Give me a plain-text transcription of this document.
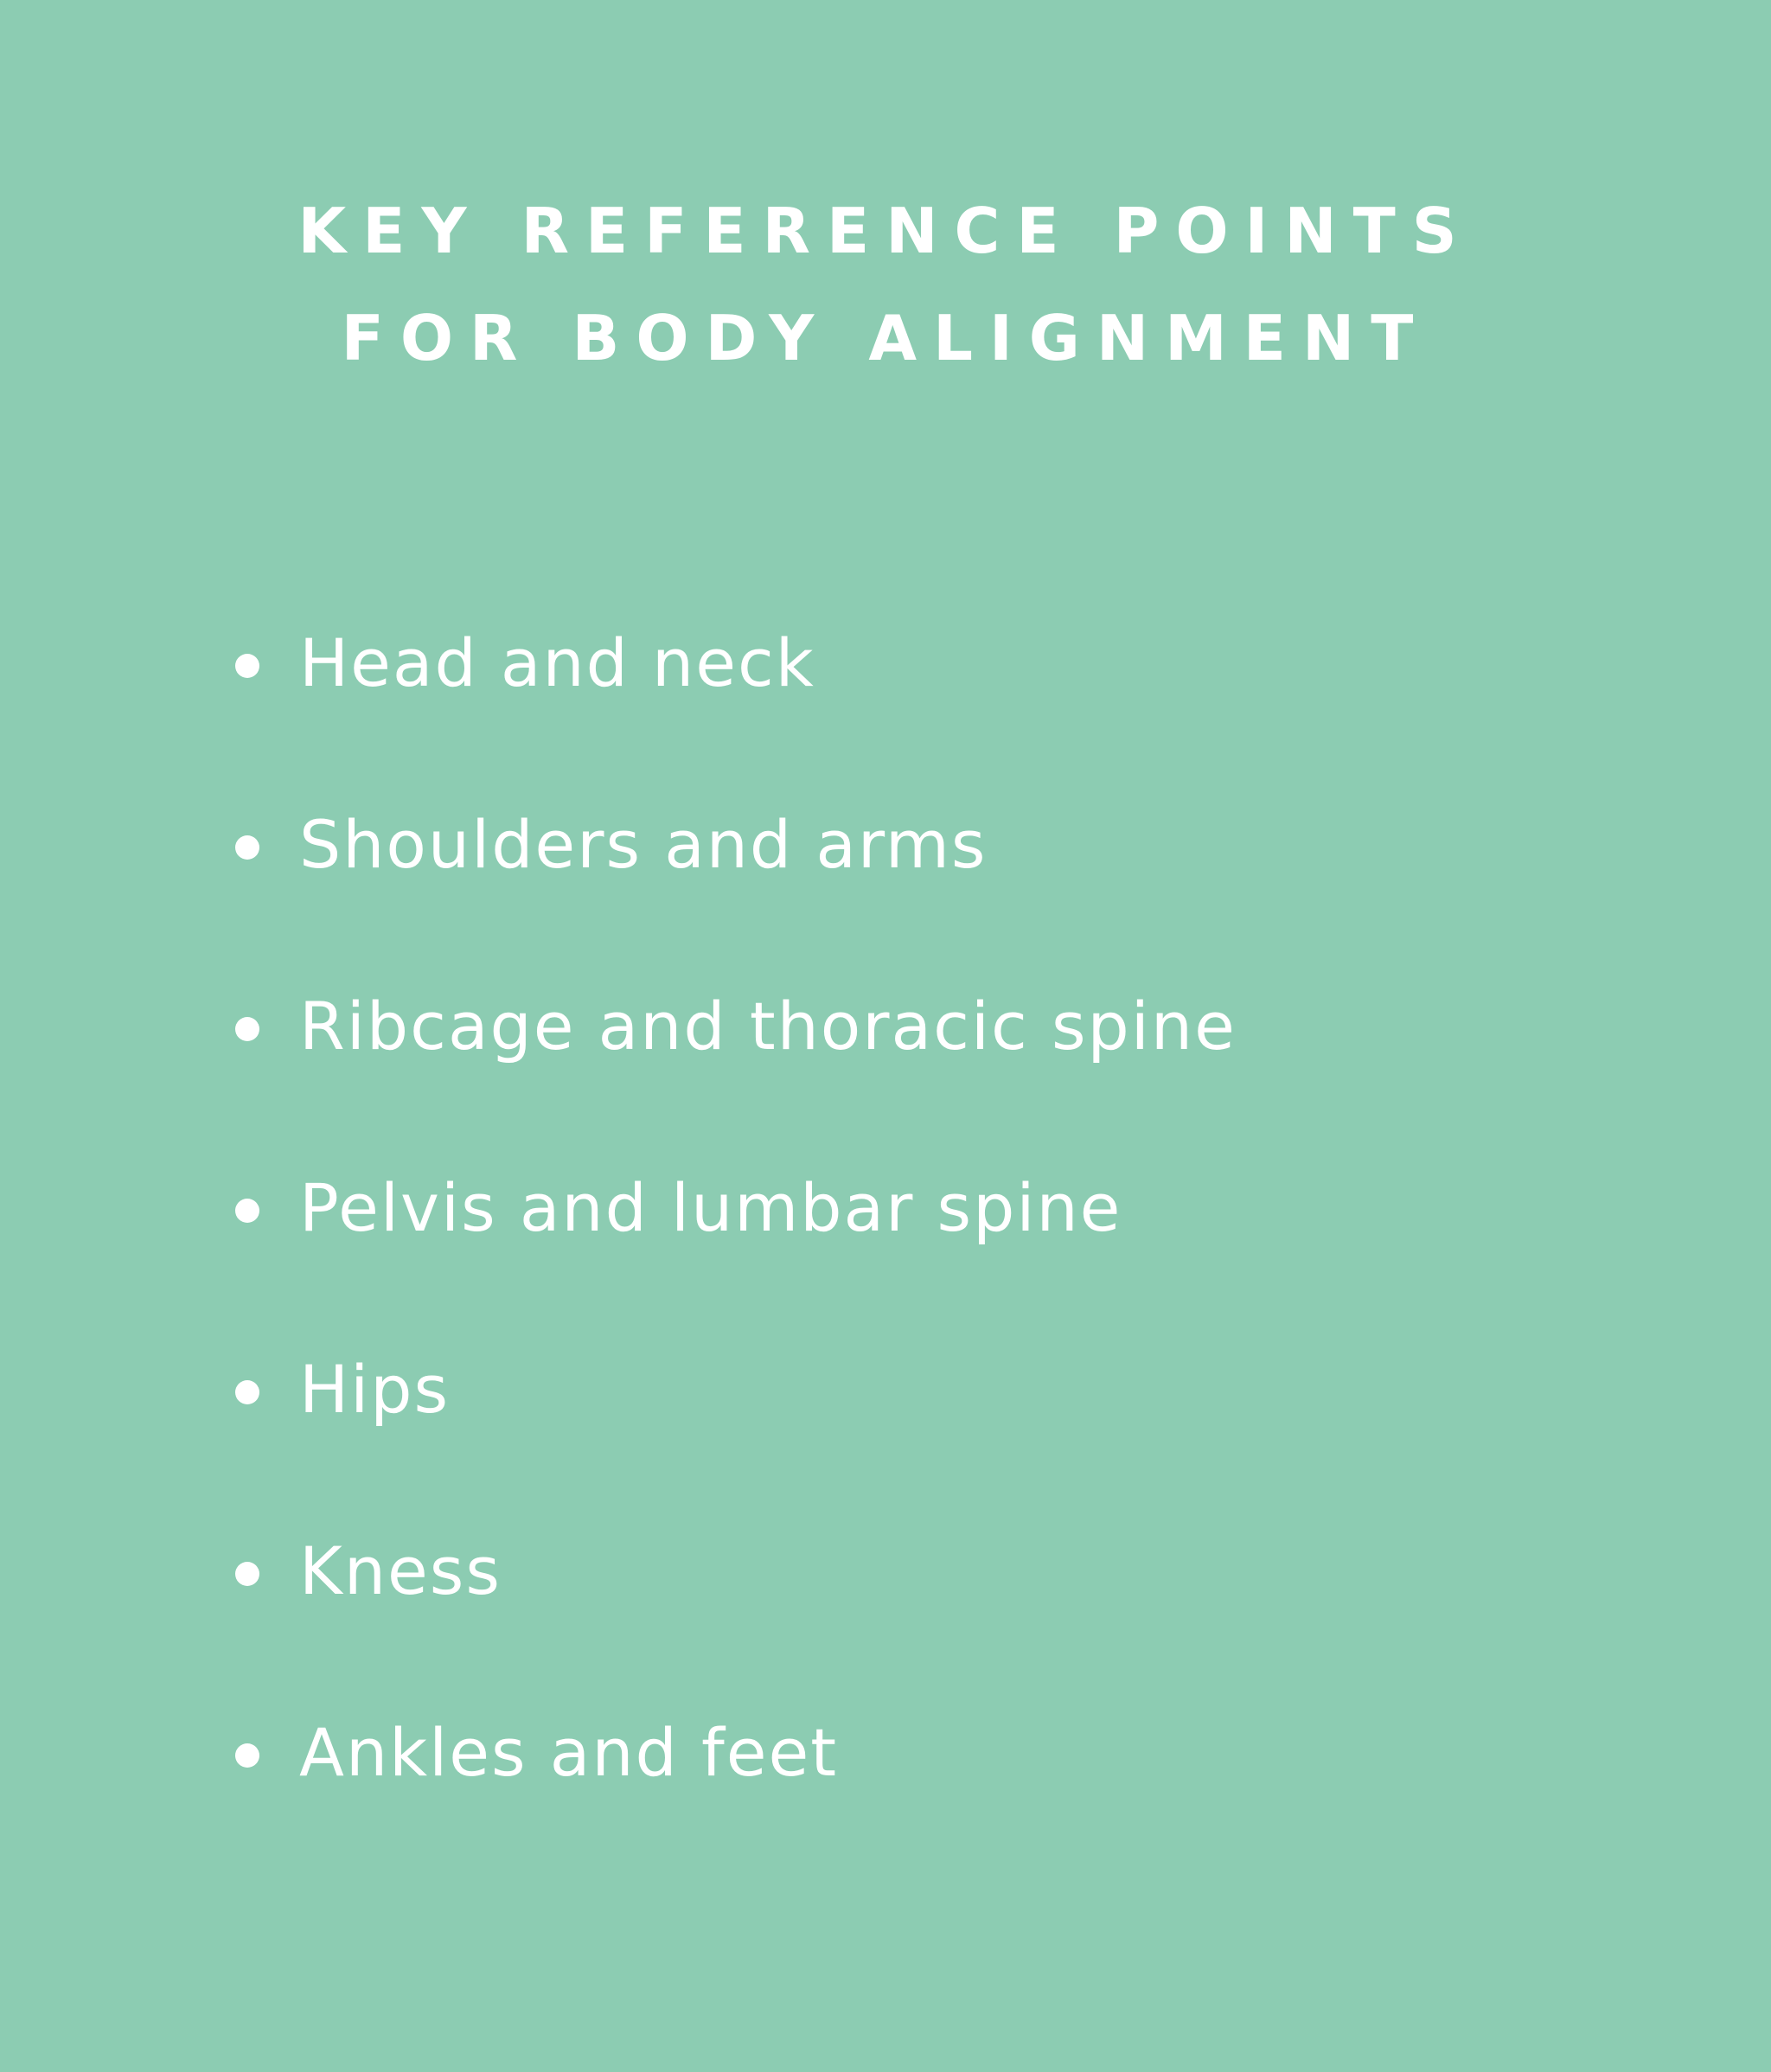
KEY REFERENCE POINTS
FOR BODY ALIGNMENT
Head and neck
Shoulders and arms
Ribcage and thoracic spine
Pelvis and lumbar spine
Hips
Kness
Ankles and feet
